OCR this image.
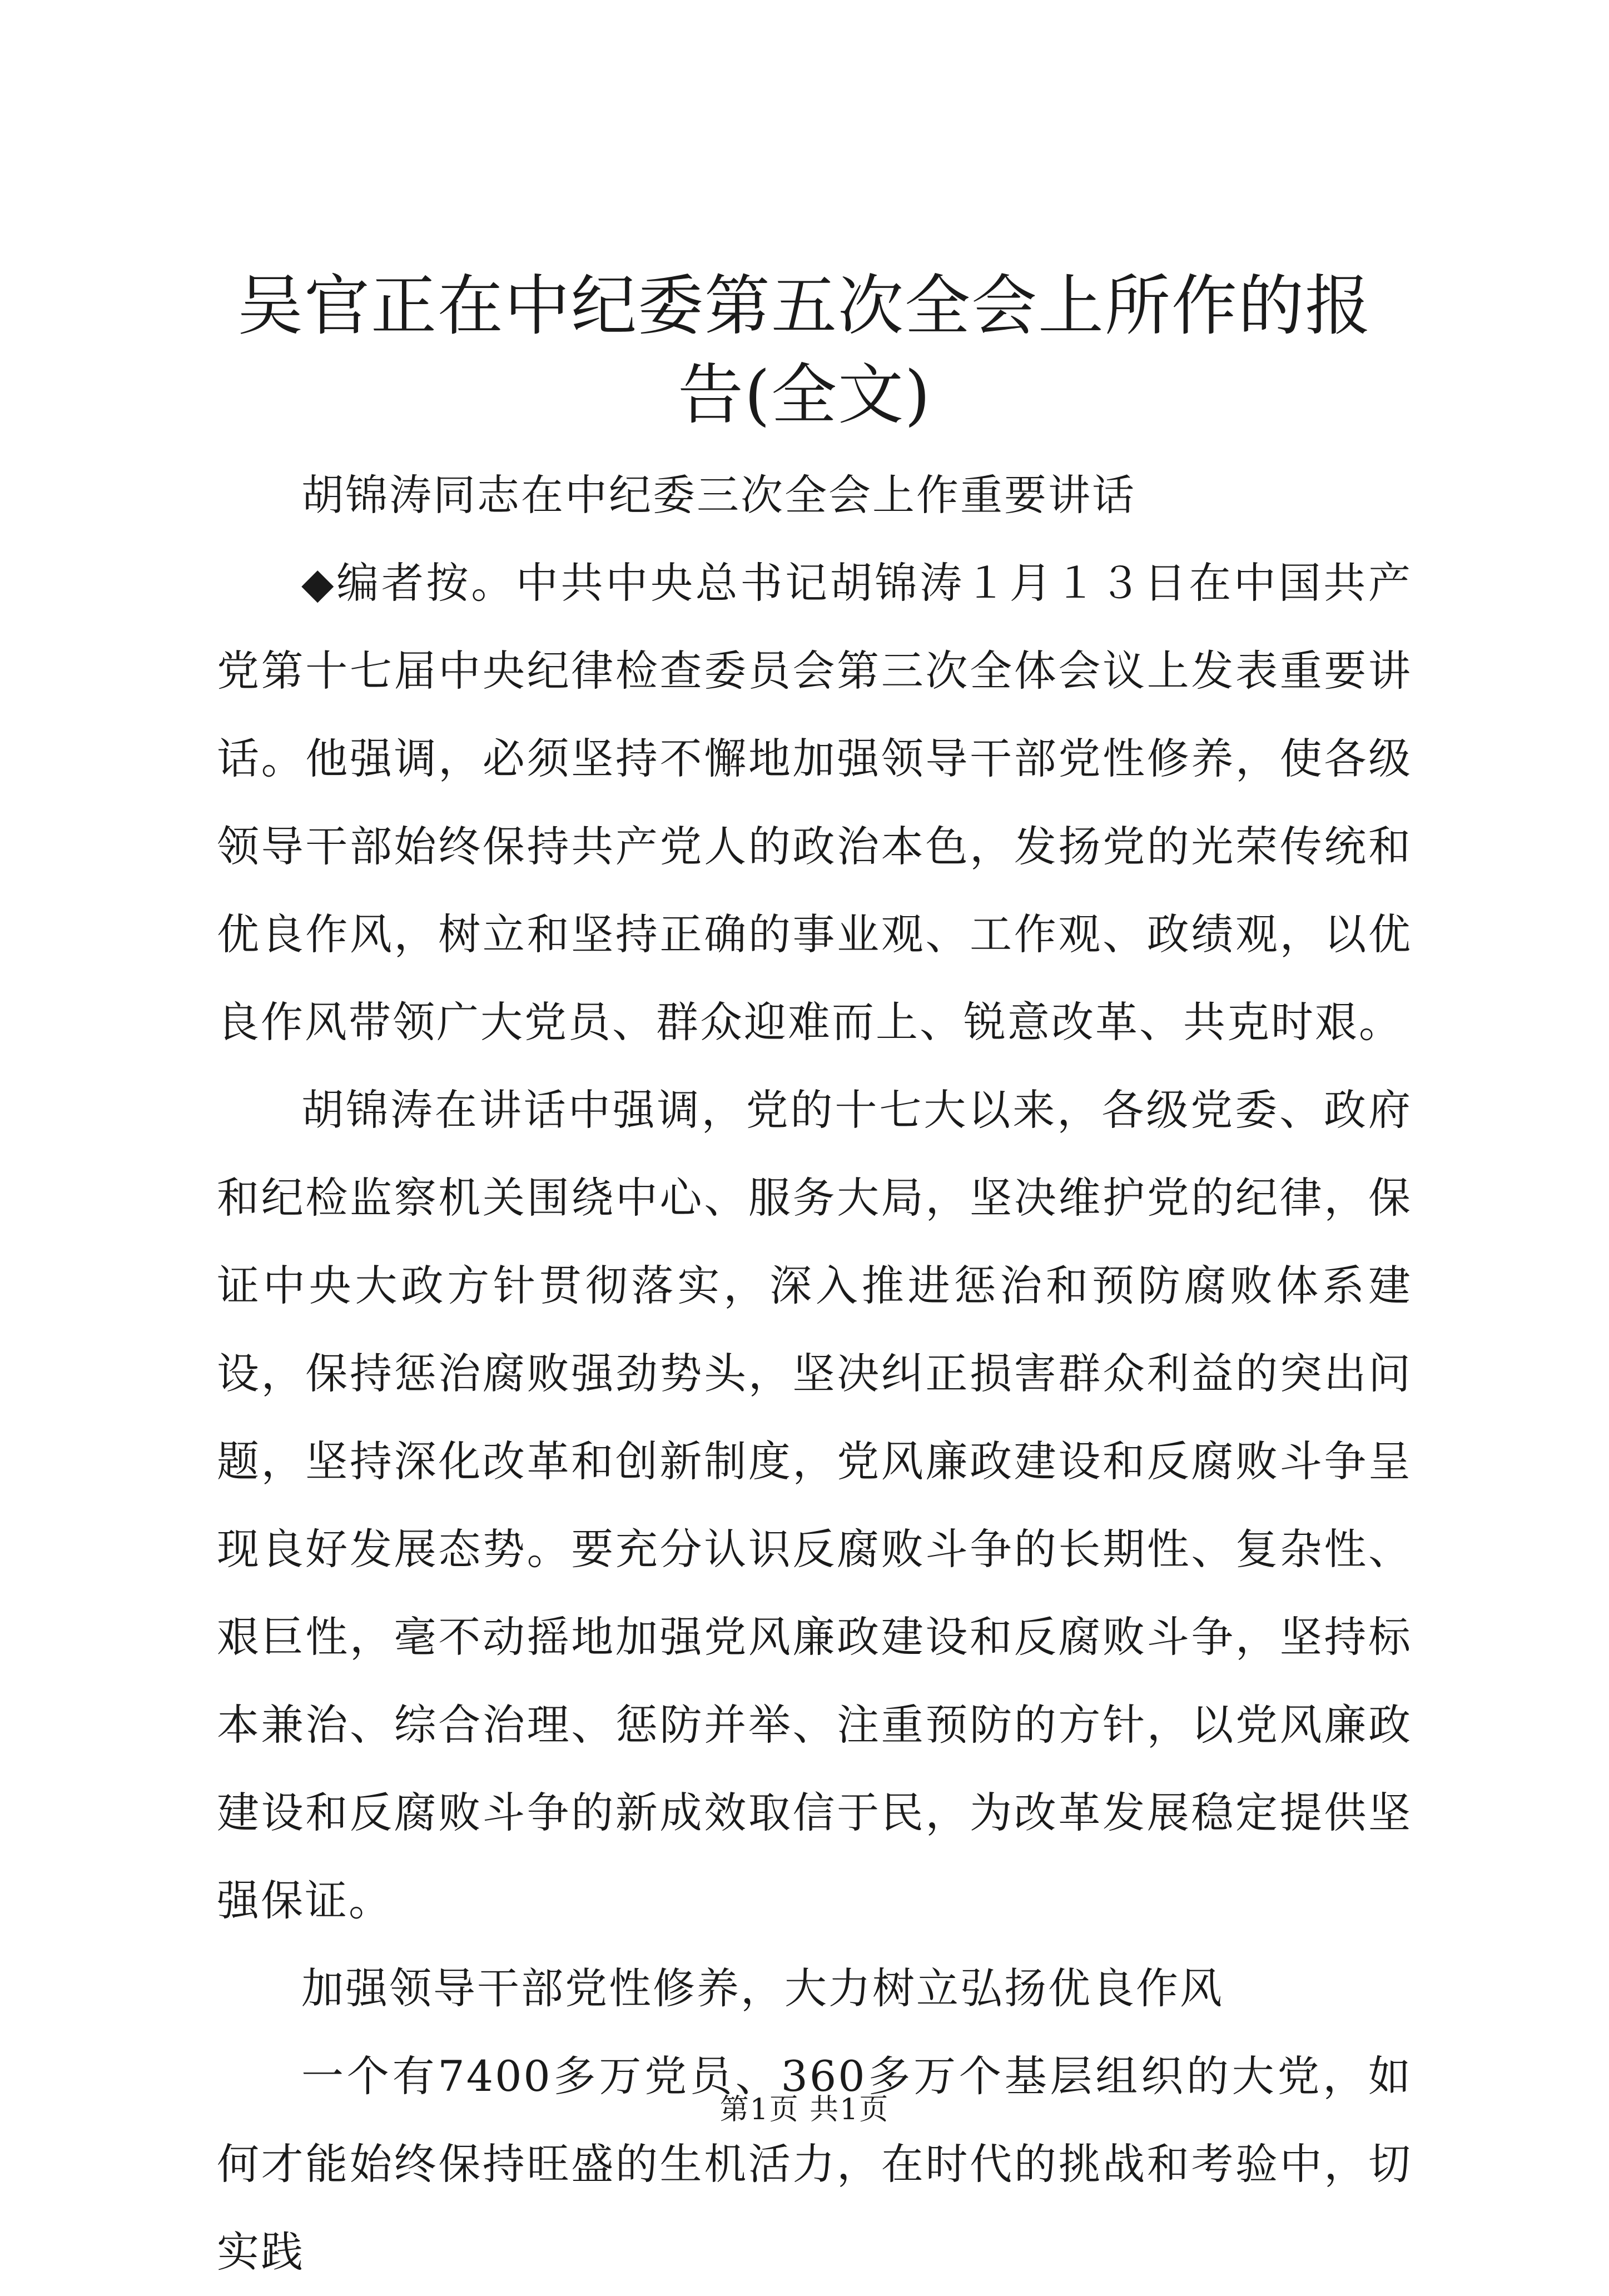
吴官正在中纪委第五次全会上所作的报告(全文)

胡锦涛同志在中纪委三次全会上作重要讲话

◆编者按。中共中央总书记胡锦涛１月１３日在中国共产党第十七届中央纪律检查委员会第三次全体会议上发表重要讲话。他强调，必须坚持不懈地加强领导干部党性修养，使各级领导干部始终保持共产党人的政治本色，发扬党的光荣传统和优良作风，树立和坚持正确的事业观、工作观、政绩观，以优良作风带领广大党员、群众迎难而上、锐意改革、共克时艰。

胡锦涛在讲话中强调，党的十七大以来，各级党委、政府和纪检监察机关围绕中心、服务大局，坚决维护党的纪律，保证中央大政方针贯彻落实，深入推进惩治和预防腐败体系建设，保持惩治腐败强劲势头，坚决纠正损害群众利益的突出问题，坚持深化改革和创新制度，党风廉政建设和反腐败斗争呈现良好发展态势。要充分认识反腐败斗争的长期性、复杂性、艰巨性，毫不动摇地加强党风廉政建设和反腐败斗争，坚持标本兼治、综合治理、惩防并举、注重预防的方针，以党风廉政建设和反腐败斗争的新成效取信于民，为改革发展稳定提供坚强保证。

加强领导干部党性修养，大力树立弘扬优良作风

一个有7400多万党员、360多万个基层组织的大党，如何才能始终保持旺盛的生机活力，在时代的挑战和考验中，切实践

第1页 共1页
